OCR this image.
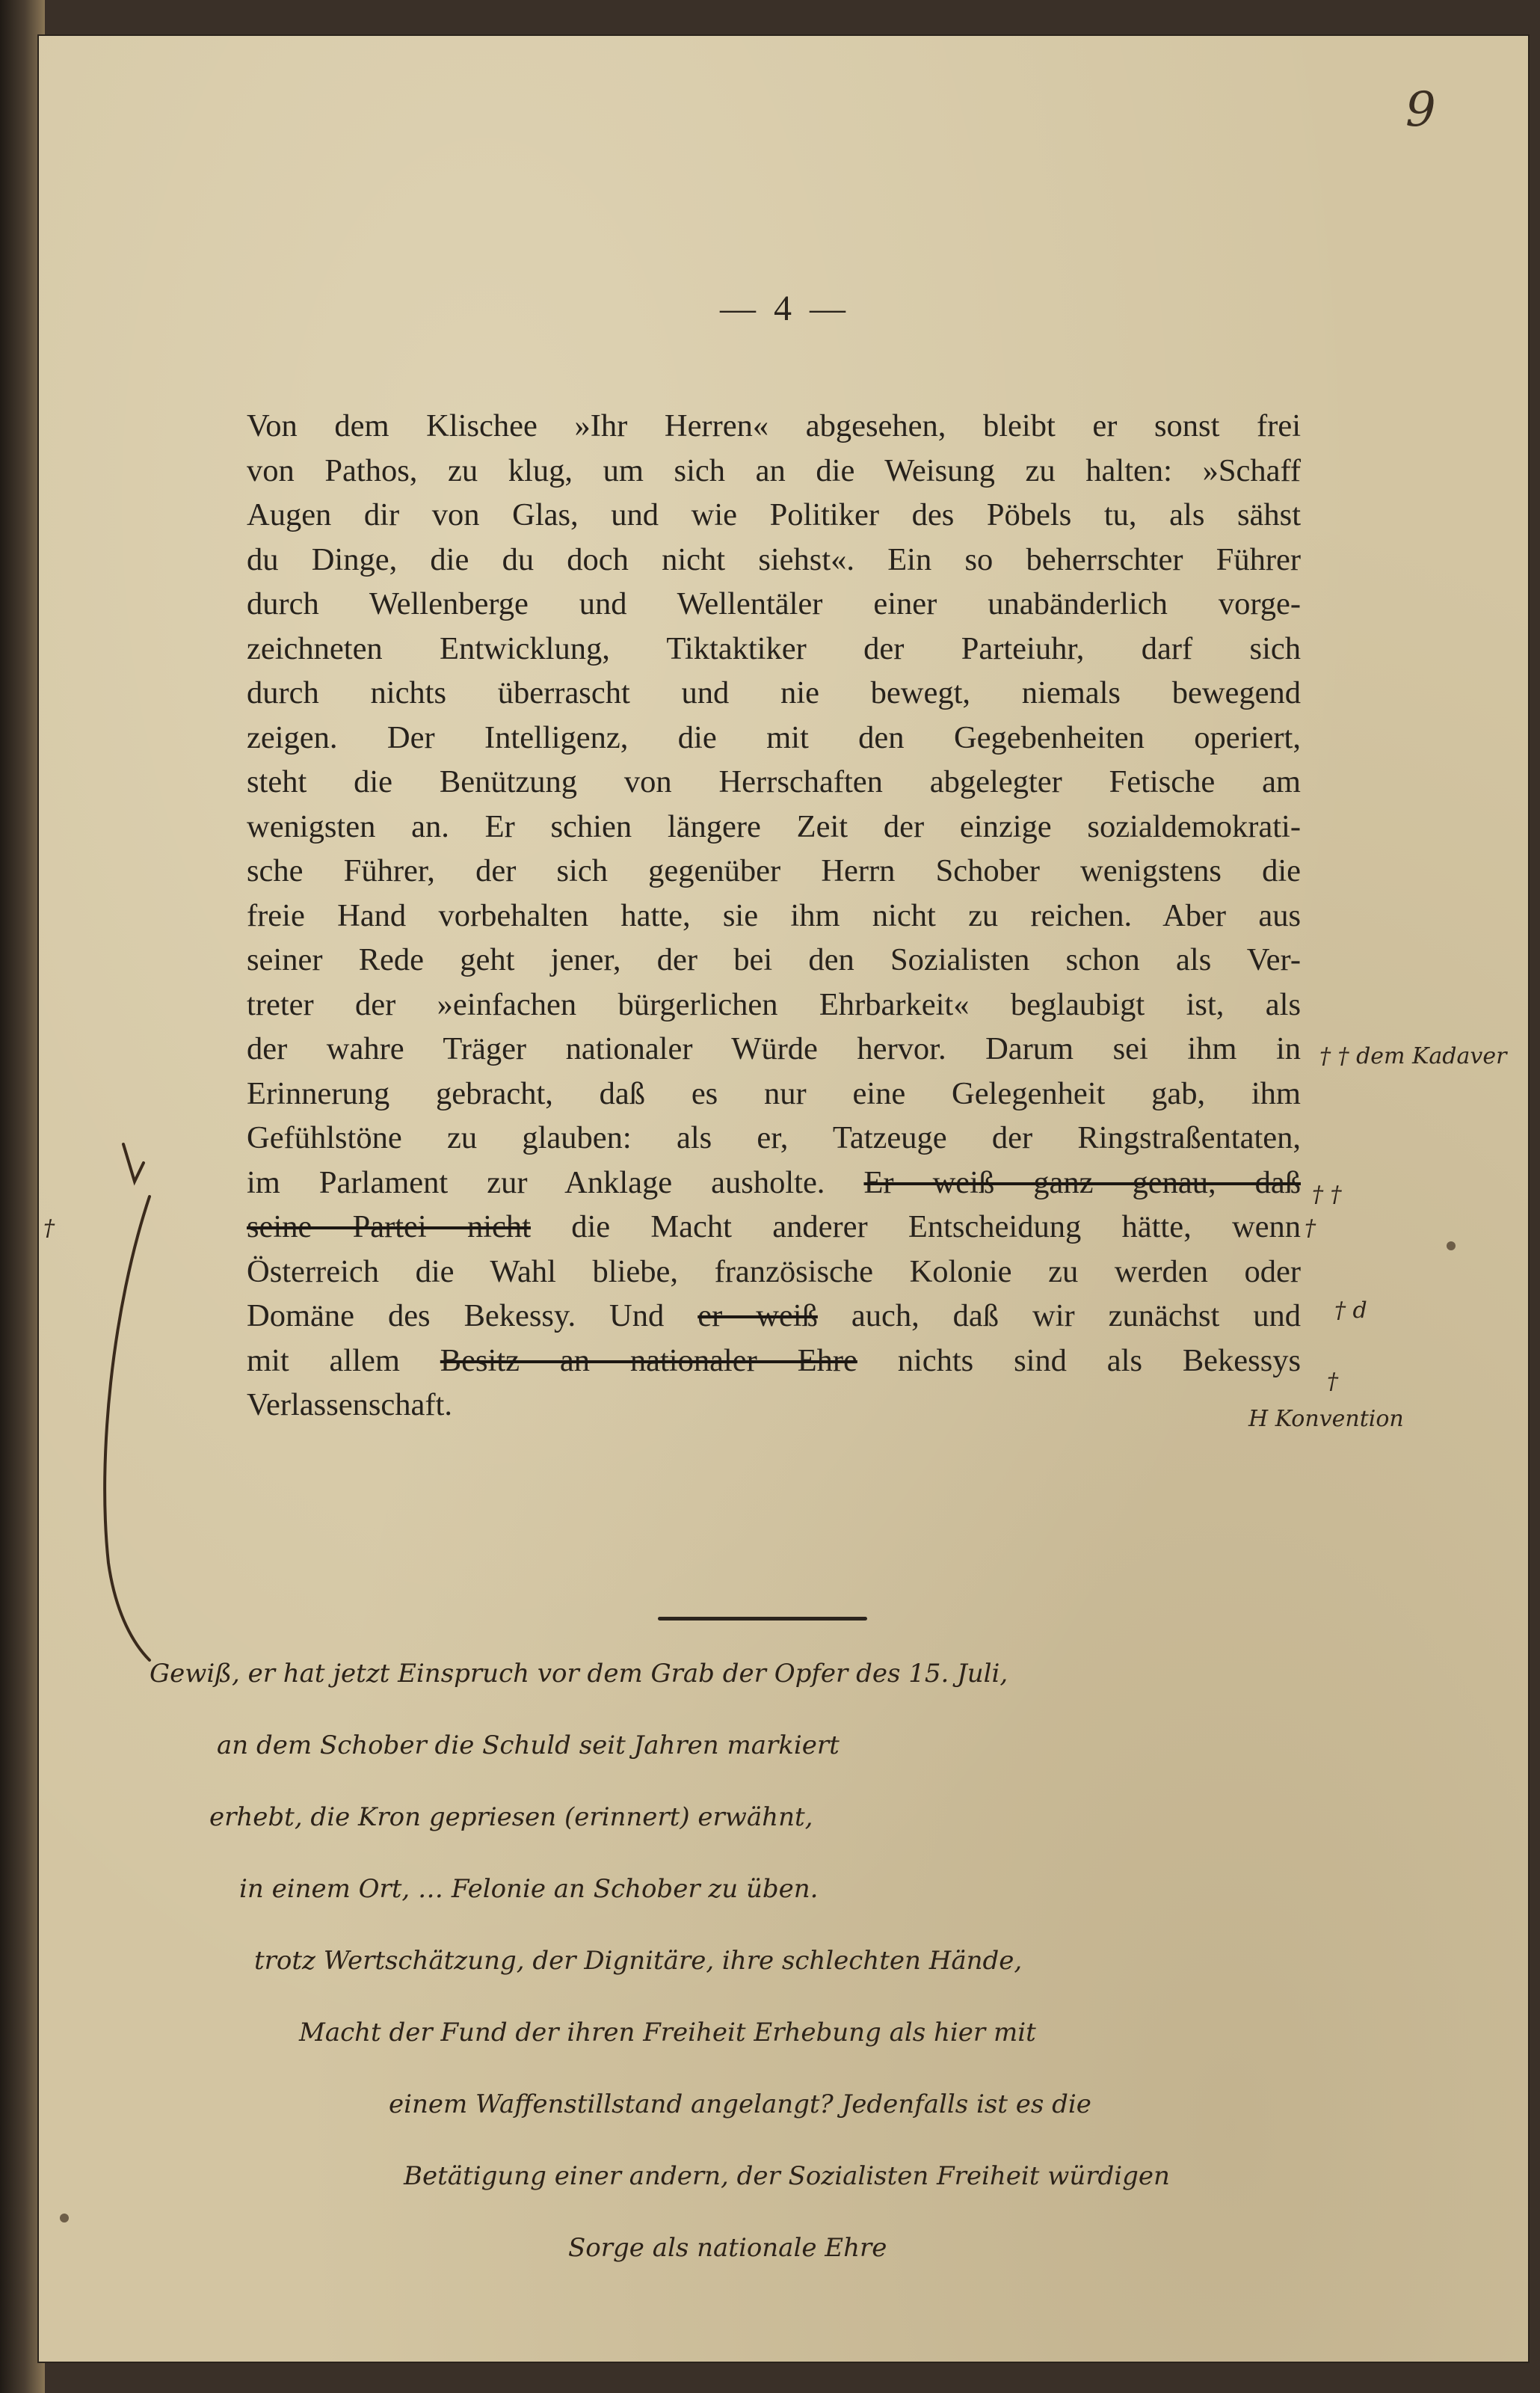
9
— 4 —
Von dem Klischee »Ihr Herren« abgesehen, bleibt er sonst frei
von Pathos, zu klug, um sich an die Weisung zu halten: »Schaff
Augen dir von Glas, und wie Politiker des Pöbels tu, als sähst
du Dinge, die du doch nicht siehst«. Ein so beherrschter Führer
durch Wellenberge und Wellentäler einer unabänderlich vorge-
zeichneten Entwicklung, Tiktaktiker der Parteiuhr, darf sich
durch nichts überrascht und nie bewegt, niemals bewegend
zeigen. Der Intelligenz, die mit den Gegebenheiten operiert,
steht die Benützung von Herrschaften abgelegter Fetische am
wenigsten an. Er schien längere Zeit der einzige sozialdemokrati-
sche Führer, der sich gegenüber Herrn Schober wenigstens die
freie Hand vorbehalten hatte, sie ihm nicht zu reichen. Aber aus
seiner Rede geht jener, der bei den Sozialisten schon als Ver-
treter der »einfachen bürgerlichen Ehrbarkeit« beglaubigt ist, als
der wahre Träger nationaler Würde hervor. Darum sei ihm in
Erinnerung gebracht, daß es nur eine Gelegenheit gab, ihm
Gefühlstöne zu glauben: als er, Tatzeuge der Ringstraßentaten,
im Parlament zur Anklage ausholte. Er weiß ganz genau, daß
seine Partei nicht die Macht anderer Entscheidung hätte, wenn
Österreich die Wahl bliebe, französische Kolonie zu werden oder
Domäne des Bekessy. Und er weiß auch, daß wir zunächst und
mit allem Besitz an nationaler Ehre nichts sind als Bekessys
Verlassenschaft.
† † dem Kadaver
† †
†
† d
†
H Konvention
†
Gewiß, er hat jetzt Einspruch vor dem Grab der Opfer des 15. Juli,
an dem Schober die Schuld seit Jahren markiert
erhebt, die Kron gepriesen (erinnert) erwähnt,
in einem Ort, … Felonie an Schober zu üben.
trotz Wertschätzung, der Dignitäre, ihre schlechten Hände,
Macht der Fund der ihren Freiheit Erhebung als hier mit
einem Waffenstillstand angelangt? Jedenfalls ist es die
Betätigung einer andern, der Sozialisten Freiheit würdigen
Sorge als nationale Ehre
